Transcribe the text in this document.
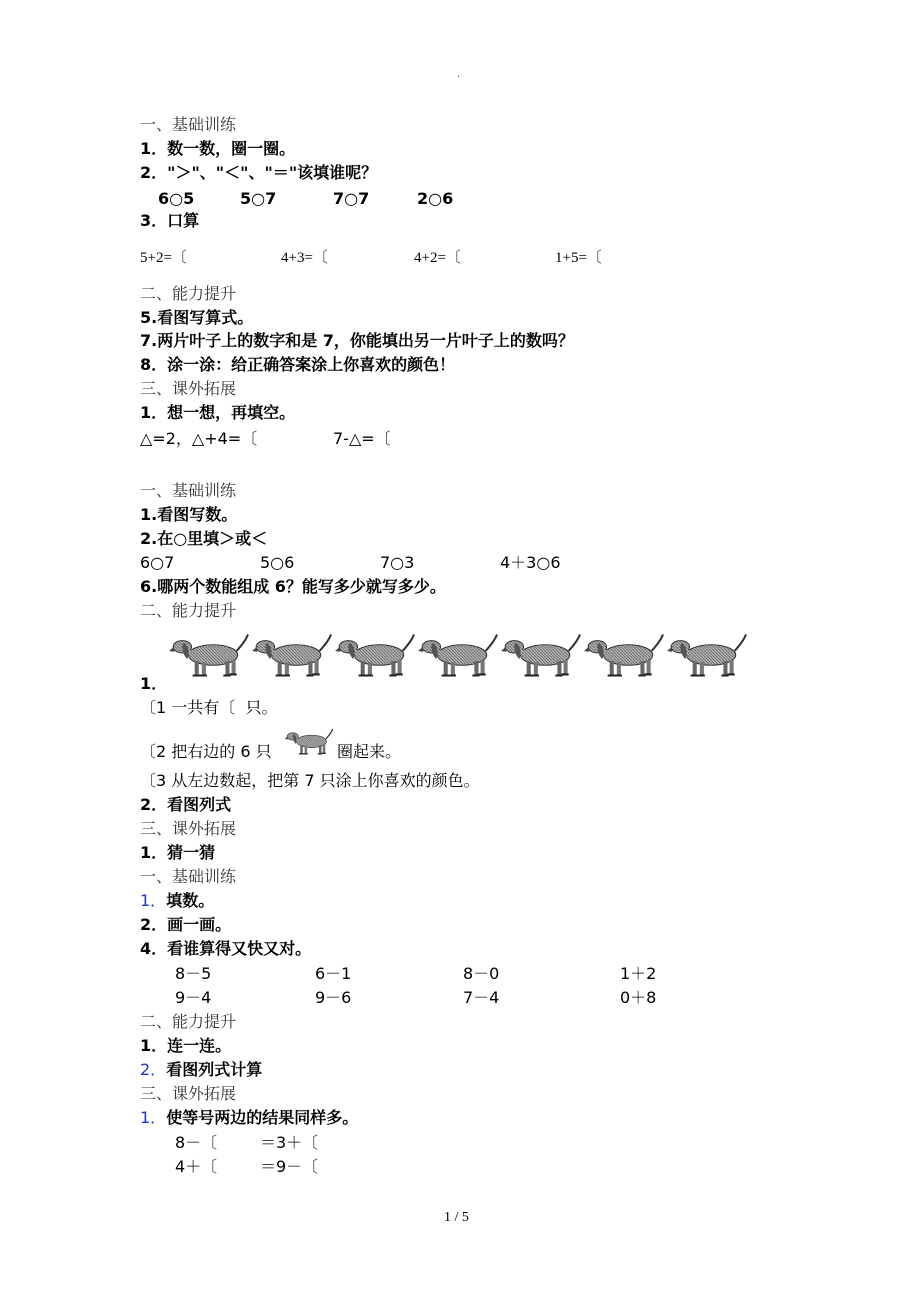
.
一、基础训练
1．数一数，圈一圈。
2．"＞"、"＜"、"＝"该填谁呢？
6○5	5○7	7○7	2○6
3．口算
5+2=〔	4+3=〔	4+2=〔	1+5=〔
二、能力提升
5.看图写算式。
7.两片叶子上的数字和是 7，你能填出另一片叶子上的数吗？
8．涂一涂：给正确答案涂上你喜欢的颜色！
三、课外拓展
1．想一想，再填空。
△=2，△+4=〔	7-△=〔
一、基础训练
1.看图写数。
2.在○里填＞或＜
6○7	5○6	7○3	4＋3○6
6.哪两个数能组成 6？能写多少就写多少。
二、能力提升
1．
〔1 一共有〔  只。
〔2 把右边的 6 只	圈起来。
〔3 从左边数起，把第 7 只涂上你喜欢的颜色。
2．看图列式
三、课外拓展
1．猜一猜
一、基础训练
1．填数。
2．画一画。
4．看谁算得又快又对。
8－5	6－1	8－0	1＋2
9－4	9－6	7－4	0＋8
二、能力提升
1．连一连。
2．看图列式计算
三、课外拓展
1．使等号两边的结果同样多。
8－〔	＝3＋〔
4＋〔	＝9－〔
1 / 5
